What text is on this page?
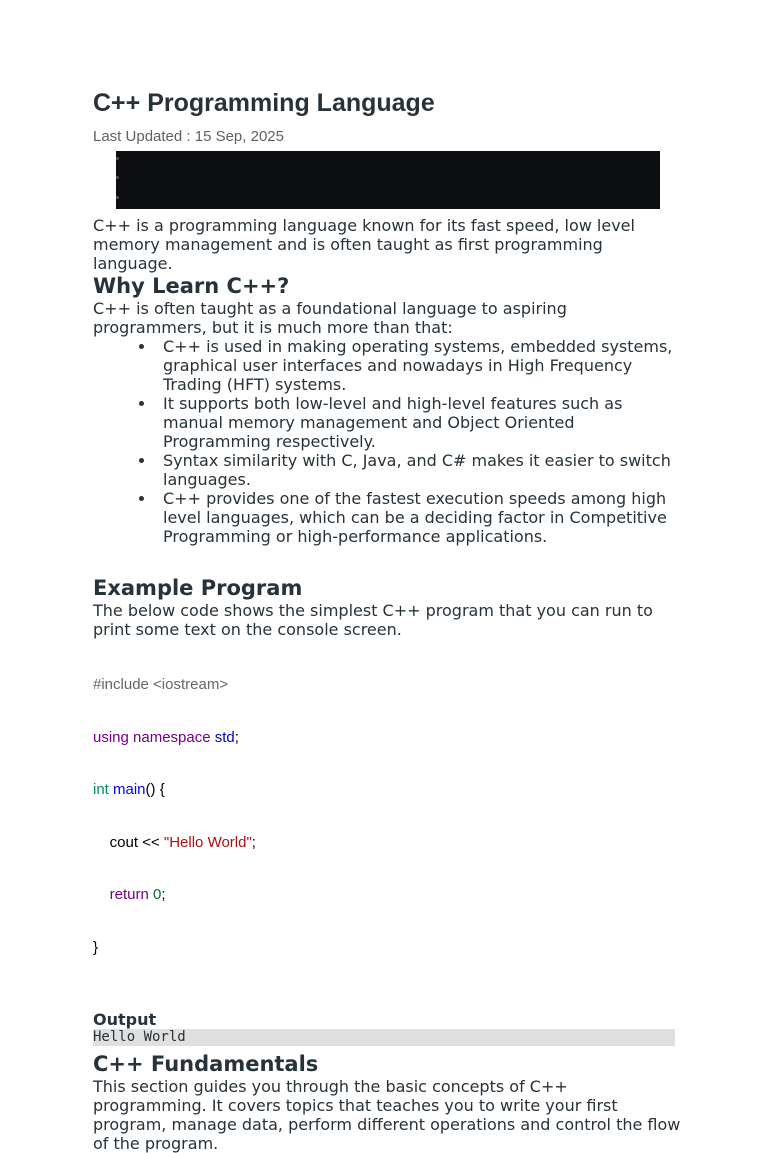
C++ Programming Language
Last Updated : 15 Sep, 2025

C++ is a programming language known for its fast speed, low level memory management and is often taught as first programming language.

Why Learn C++?

C++ is often taught as a foundational language to aspiring programmers, but it is much more than that:

C++ is used in making operating systems, embedded systems, graphical user interfaces and nowadays in High Frequency Trading (HFT) systems.
It supports both low-level and high-level features such as manual memory management and Object Oriented Programming respectively.
Syntax similarity with C, Java, and C# makes it easier to switch languages.
C++ provides one of the fastest execution speeds among high level languages, which can be a deciding factor in Competitive Programming or high-performance applications.
Example Program

The below code shows the simplest C++ program that you can run to print some text on the console screen.

#include <iostream>

using namespace std;

int main() {

cout << "Hello World";

return 0;

}

Output
Hello World
C++ Fundamentals

This section guides you through the basic concepts of C++ programming. It covers topics that teaches you to write your first program, manage data, perform different operations and control the flow of the program.
